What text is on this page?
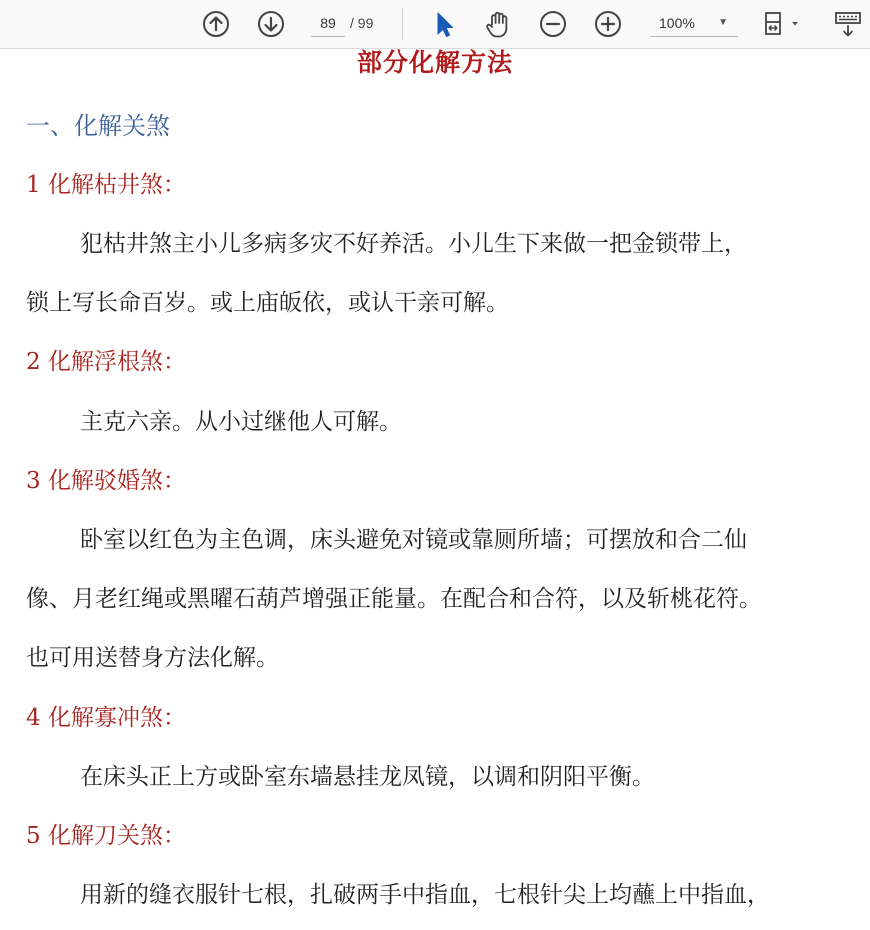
89	/ 99	100% ▼
部分化解方法
一、化解关煞
1 化解枯井煞：
犯枯井煞主小儿多病多灾不好养活。小儿生下来做一把金锁带上，
锁上写长命百岁。或上庙皈依，或认干亲可解。
2 化解浮根煞：
主克六亲。从小过继他人可解。
3 化解驳婚煞：
卧室以红色为主色调，床头避免对镜或靠厕所墙；可摆放和合二仙
像、月老红绳或黑曜石葫芦增强正能量。在配合和合符，以及斩桃花符。
也可用送替身方法化解。
4 化解寡冲煞：
在床头正上方或卧室东墙悬挂龙凤镜，以调和阴阳平衡。
5 化解刀关煞：
用新的缝衣服针七根，扎破两手中指血，七根针尖上均蘸上中指血，
